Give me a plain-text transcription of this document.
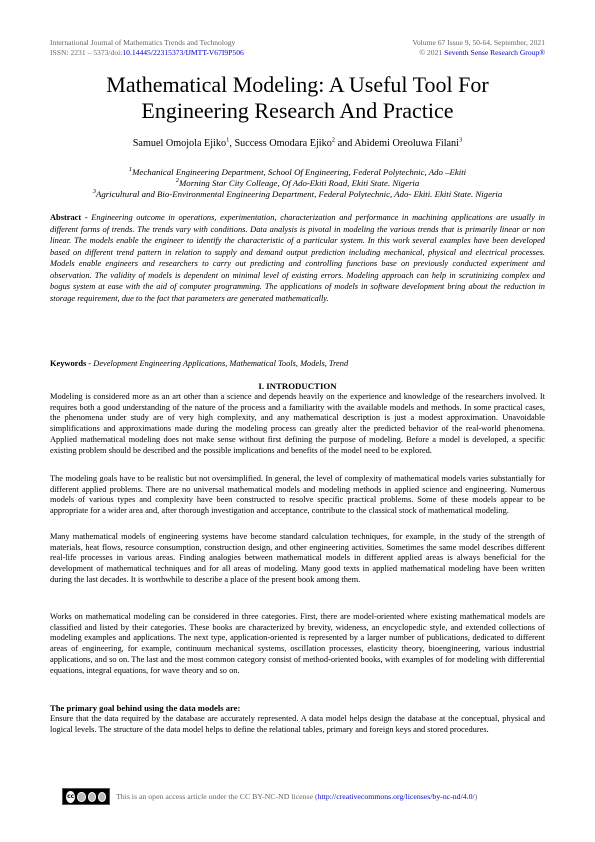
International Journal of Mathematics Trends and Technology
ISSN: 2231 – 5373/doi:10.14445/22315373/IJMTT-V67I9P506
Volume 67 Issue 9, 50-64, September, 2021
© 2021 Seventh Sense Research Group®
Mathematical Modeling: A Useful Tool For
Engineering Research And Practice
Samuel Omojola Ejiko$^1$, Success Omodara Ejiko$^2$ and Abidemi Oreoluwa Filani$^3$
$^1$Mechanical Engineering Department, School Of Engineering, Federal Polytechnic, Ado –Ekiti
$^2$Morning Star City Colleage, Of Ado-Ekiti Road, Ekiti State. Nigeria
$^3$Agricultural and Bio-Environmental Engineering Department, Federal Polytechnic, Ado- Ekiti. Ekiti State. Nigeria
Abstract - Engineering outcome in operations, experimentation, characterization and performance in machining applications are usually in different forms of trends. The trends vary with conditions. Data analysis is pivotal in modeling the various trends that is primarily linear or non linear. The models enable the engineer to identify the characteristic of a particular system. In this work several examples have been developed based on different trend pattern in relation to supply and demand output prediction including mechanical, physical and electrical processes. Models enable engineers and researchers to carry out predicting and controlling functions base on previously conducted experiment and observation. The validity of models is dependent on minimal level of existing errors. Modeling approach can help in scrutinizing complex and bogus system at ease with the aid of computer programming. The applications of models in software development bring about the reduction in storage requirement, due to the fact that parameters are generated mathematically.
Keywords - Development Engineering Applications, Mathematical Tools, Models, Trend
I. INTRODUCTION

Modeling is considered more as an art other than a science and depends heavily on the experience and knowledge of the researchers involved. It requires both a good understanding of the nature of the process and a familiarity with the available models and methods. In some practical cases, the phenomena under study are of very high complexity, and any mathematical description is just a modest approximation. Unavoidable simplifications and approximations made during the modeling process can greatly alter the predicted behavior of the real-world phenomena. Applied mathematical modeling does not make sense without first defining the purpose of modeling. Before a model is developed, a specific existing problem should be described and the possible implications and benefits of the model need to be explored.

The modeling goals have to be realistic but not oversimplified. In general, the level of complexity of mathematical models varies substantially for different applied problems. There are no universal mathematical models and modeling methods in applied science and engineering. Numerous models of various types and complexity have been constructed to resolve specific practical problems. Some of these models appear to be appropriate for a wider area and, after thorough investigation and acceptance, contribute to the classical stock of mathematical modeling.

Many mathematical models of engineering systems have become standard calculation techniques, for example, in the study of the strength of materials, heat flows, resource consumption, construction design, and other engineering activities. Sometimes the same model describes different real-life processes in various areas. Finding analogies between mathematical models in different applied areas is always beneficial for the development of mathematical techniques and for all areas of modeling. Many good texts in applied mathematical modeling have been written during the last decades. It is worthwhile to describe a place of the present book among them.

Works on mathematical modeling can be considered in three categories. First, there are model-oriented where existing mathematical models are classified and listed by their categories. These books are characterized by brevity, wideness, an encyclopedic style, and extended collections of modeling examples and applications. The next type, application-oriented is represented by a larger number of publications, dedicated to different areas of engineering, for example, continuum mechanical systems, oscillation processes, elasticity theory, bioengineering, various industrial applications, and so on. The last and the most common category consist of method-oriented books, with examples of for modeling with differential equations, integral equations, for wave theory and so on.

The primary goal behind using the data models are:

Ensure that the data required by the database are accurately represented. A data model helps design the database at the conceptual, physical and logical levels. The structure of the data model helps to define the relational tables, primary and foreign keys and stored procedures.

cc	This is an open access article under the CC BY-NC-ND license ( http://creativecommons.org/licenses/by-nc-nd/4.0/ )
